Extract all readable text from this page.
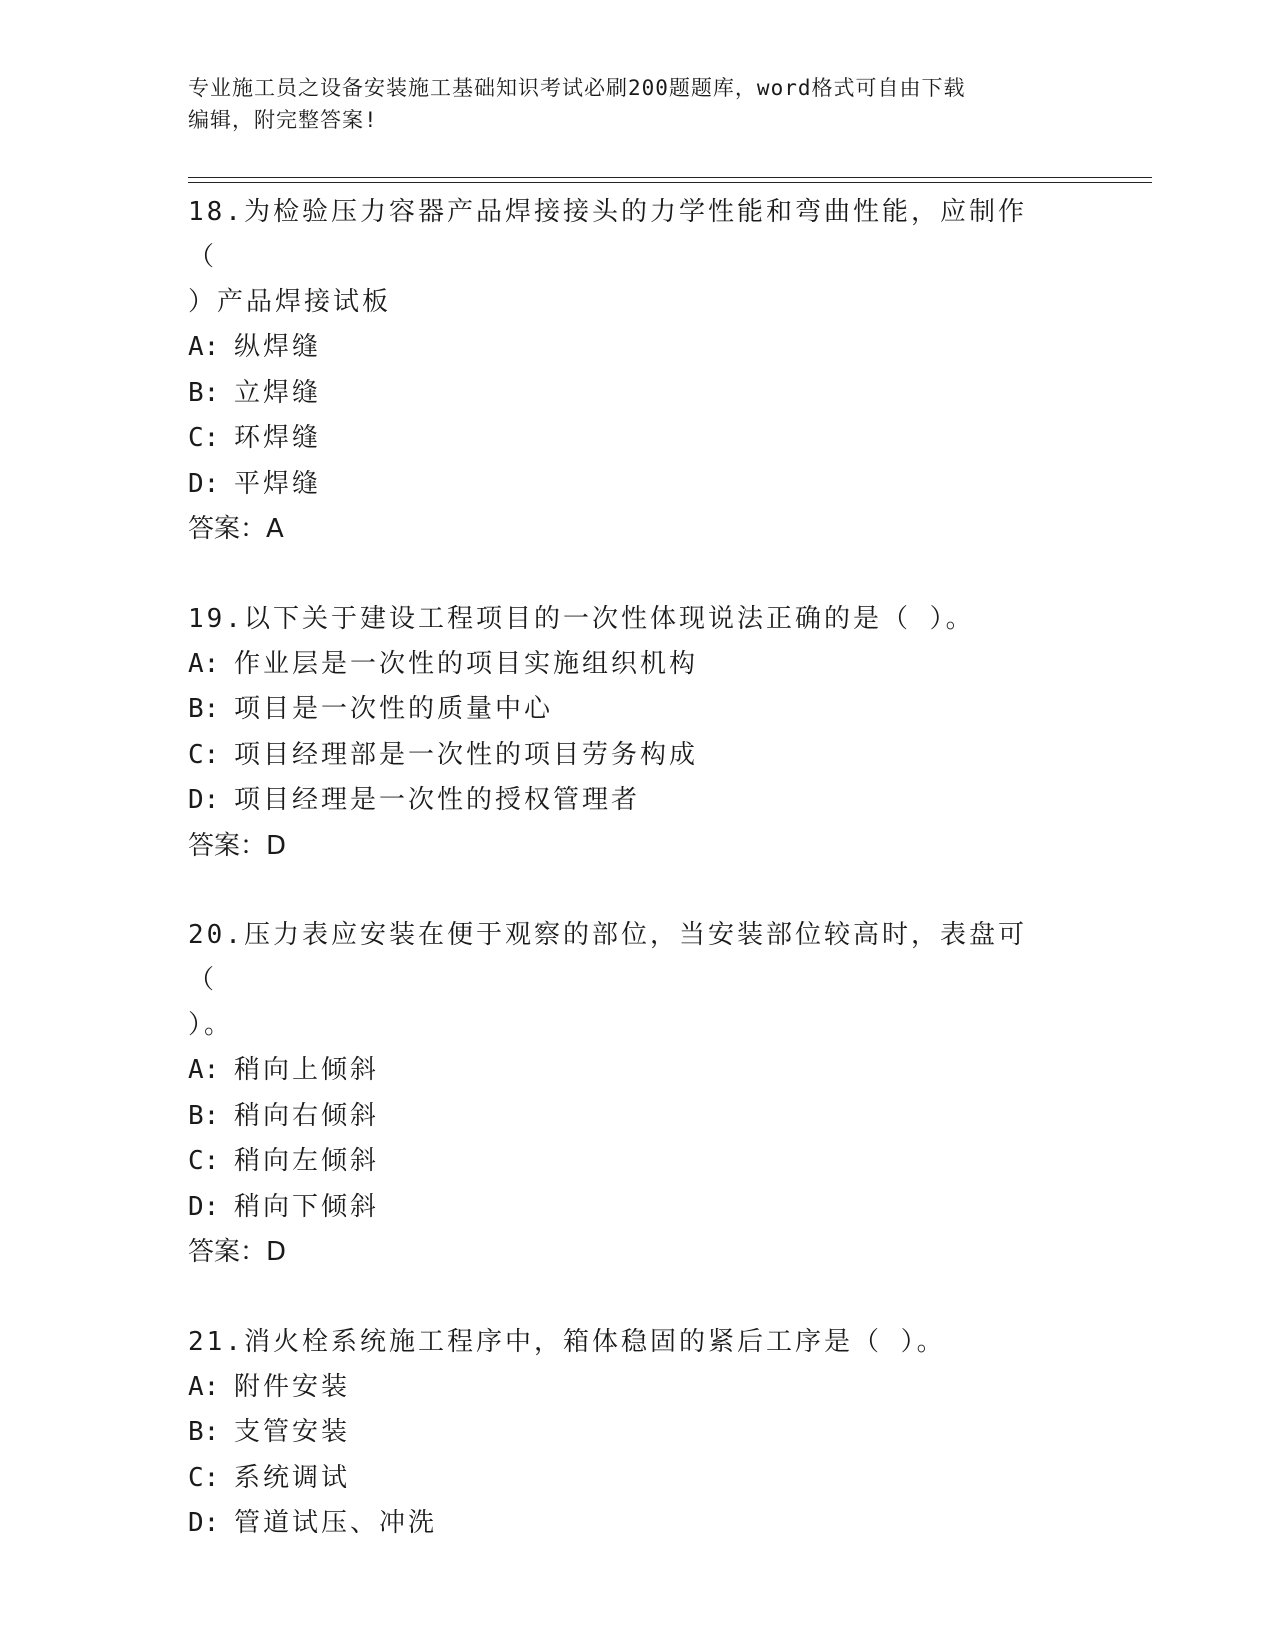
专业施工员之设备安装施工基础知识考试必刷200题题库，word格式可自由下载
编辑，附完整答案!

18.为检验压力容器产品焊接接头的力学性能和弯曲性能，应制作（
）产品焊接试板

A: 纵焊缝

B: 立焊缝

C: 环焊缝

D: 平焊缝

答案：A

19.以下关于建设工程项目的一次性体现说法正确的是（ ）。

A: 作业层是一次性的项目实施组织机构

B: 项目是一次性的质量中心

C: 项目经理部是一次性的项目劳务构成

D: 项目经理是一次性的授权管理者

答案：D

20.压力表应安装在便于观察的部位，当安装部位较高时，表盘可（
）。

A: 稍向上倾斜

B: 稍向右倾斜

C: 稍向左倾斜

D: 稍向下倾斜

答案：D

21.消火栓系统施工程序中，箱体稳固的紧后工序是（ ）。

A: 附件安装

B: 支管安装

C: 系统调试

D: 管道试压、冲洗
